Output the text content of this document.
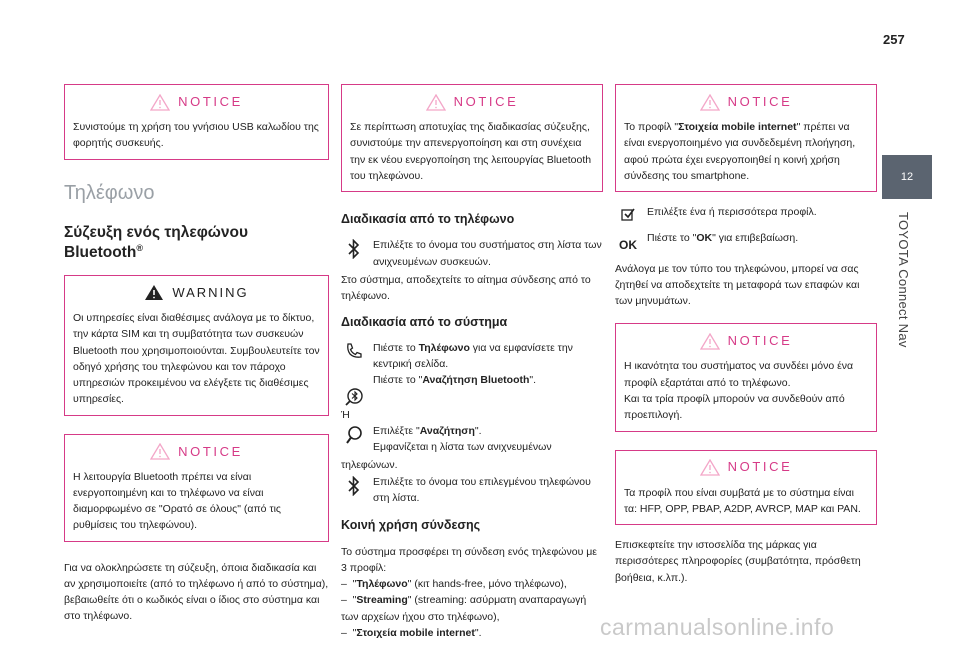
257
12
TOYOTA Connect Nav
NOTICE

Συνιστούμε τη χρήση του γνήσιου USB καλωδίου της φορητής συσκευής.

Τηλέφωνο
Σύζευξη ενός τηλεφώνου Bluetooth®
WARNING

Οι υπηρεσίες είναι διαθέσιμες ανάλογα με το δίκτυο, την κάρτα SIM και τη συμβατότητα των συσκευών Bluetooth που χρησιμοποιούνται. Συμβουλευτείτε τον οδηγό χρήσης του τηλεφώνου και τον πάροχο υπηρεσιών προκειμένου να ελέγξετε τις διαθέσιμες υπηρεσίες.

NOTICE

Η λειτουργία Bluetooth πρέπει να είναι ενεργοποιημένη και το τηλέφωνο να είναι διαμορφωμένο σε "Ορατό σε όλους" (από τις ρυθμίσεις του τηλεφώνου).

Για να ολοκληρώσετε τη σύζευξη, όποια διαδικασία και αν χρησιμοποιείτε (από το τηλέφωνο ή από το σύστημα), βεβαιωθείτε ότι ο κωδικός είναι ο ίδιος στο σύστημα και στο τηλέφωνο.

NOTICE

Σε περίπτωση αποτυχίας της διαδικασίας σύζευξης, συνιστούμε την απενεργοποίηση και στη συνέχεια την εκ νέου ενεργοποίηση της λειτουργίας Bluetooth του τηλεφώνου.

Διαδικασία από το τηλέφωνο
Επιλέξτε το όνομα του συστήματος στη λίστα των ανιχνευμένων συσκευών.

Στο σύστημα, αποδεχτείτε το αίτημα σύνδεσης από το τηλέφωνο.

Διαδικασία από το σύστημα
Πιέστε το Τηλέφωνο για να εμφανίσετε την κεντρική σελίδα.
Πιέστε το "Αναζήτηση Bluetooth".
Ή
Επιλέξτε "Αναζήτηση".
Εμφανίζεται η λίστα των ανιχνευμένων
τηλεφώνων.
Επιλέξτε το όνομα του επιλεγμένου τηλεφώνου στη λίστα.
Κοινή χρήση σύνδεσης

Το σύστημα προσφέρει τη σύνδεση ενός τηλεφώνου με 3 προφίλ:

–  "Τηλέφωνο" (κιτ hands-free, μόνο τηλέφωνο),
–  "Streaming" (streaming: ασύρματη αναπαραγωγή των αρχείων ήχου στο τηλέφωνο),
–  "Στοιχεία mobile internet".
NOTICE

Το προφίλ "Στοιχεία mobile internet" πρέπει να είναι ενεργοποιημένο για συνδεδεμένη πλοήγηση, αφού πρώτα έχει ενεργοποιηθεί η κοινή χρήση σύνδεσης του smartphone.

Επιλέξτε ένα ή περισσότερα προφίλ.
OK Πιέστε το "OK" για επιβεβαίωση.

Ανάλογα με τον τύπο του τηλεφώνου, μπορεί να σας ζητηθεί να αποδεχτείτε τη μεταφορά των επαφών και των μηνυμάτων.

NOTICE

Η ικανότητα του συστήματος να συνδέει μόνο ένα προφίλ εξαρτάται από το τηλέφωνο.

Και τα τρία προφίλ μπορούν να συνδεθούν από προεπιλογή.

NOTICE

Τα προφίλ που είναι συμβατά με το σύστημα είναι τα: HFP, OPP, PBAP, A2DP, AVRCP, MAP και PAN.

Επισκεφτείτε την ιστοσελίδα της μάρκας για περισσότερες πληροφορίες (συμβατότητα, πρόσθετη βοήθεια, κ.λπ.).

carmanualsonline.info
